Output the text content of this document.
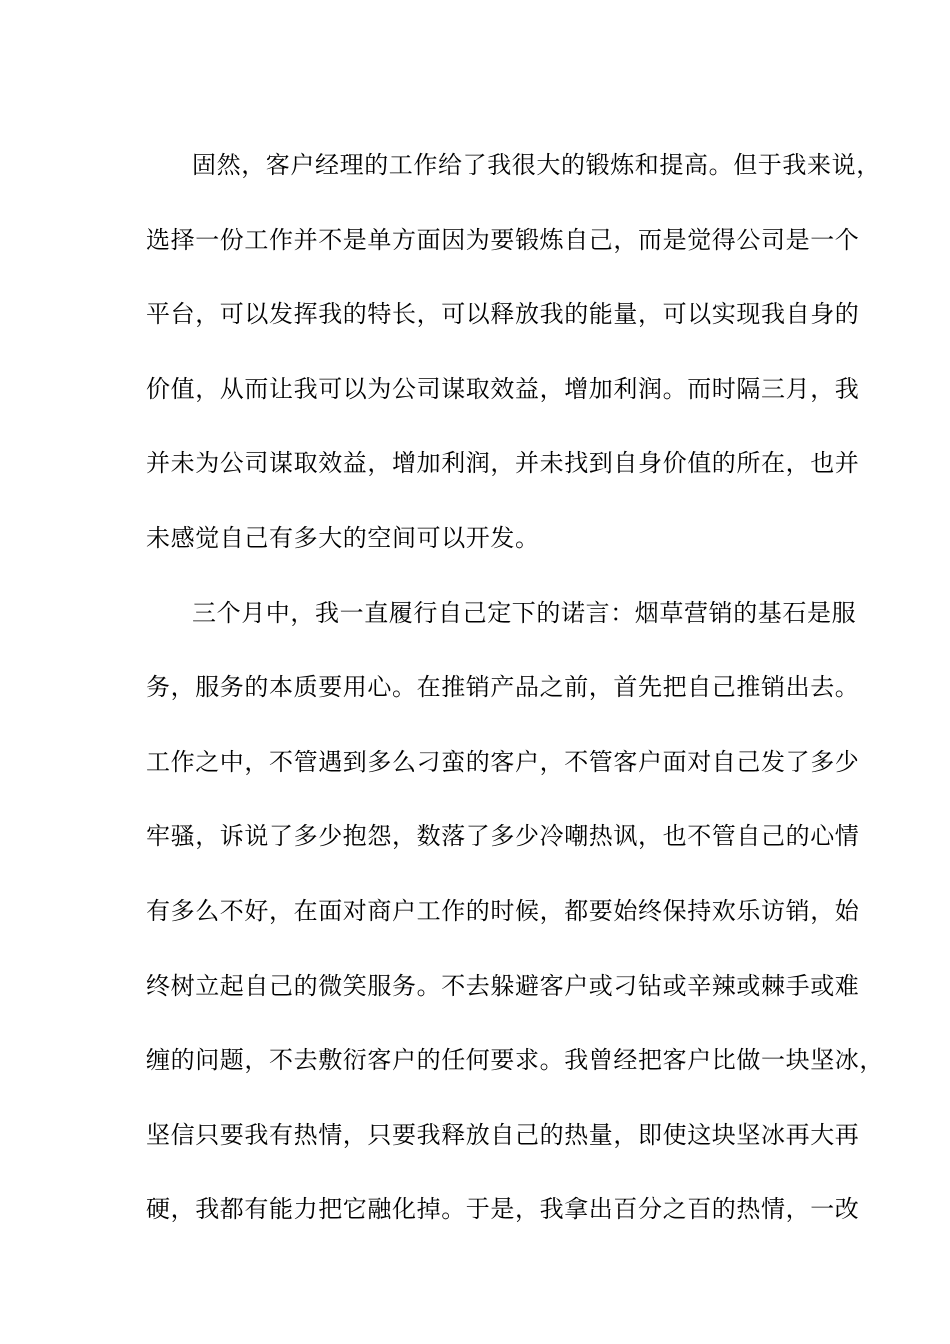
固然，客户经理的工作给了我很大的锻炼和提高。但于我来说，
选择一份工作并不是单方面因为要锻炼自己，而是觉得公司是一个
平台，可以发挥我的特长，可以释放我的能量，可以实现我自身的
价值，从而让我可以为公司谋取效益，增加利润。而时隔三月，我
并未为公司谋取效益，增加利润，并未找到自身价值的所在，也并
未感觉自己有多大的空间可以开发。
三个月中，我一直履行自己定下的诺言：烟草营销的基石是服
务，服务的本质要用心。在推销产品之前，首先把自己推销出去。
工作之中，不管遇到多么刁蛮的客户，不管客户面对自己发了多少
牢骚，诉说了多少抱怨，数落了多少冷嘲热讽，也不管自己的心情
有多么不好，在面对商户工作的时候，都要始终保持欢乐访销，始
终树立起自己的微笑服务。不去躲避客户或刁钻或辛辣或棘手或难
缠的问题，不去敷衍客户的任何要求。我曾经把客户比做一块坚冰，
坚信只要我有热情，只要我释放自己的热量，即使这块坚冰再大再
硬，我都有能力把它融化掉。于是，我拿出百分之百的热情，一改
